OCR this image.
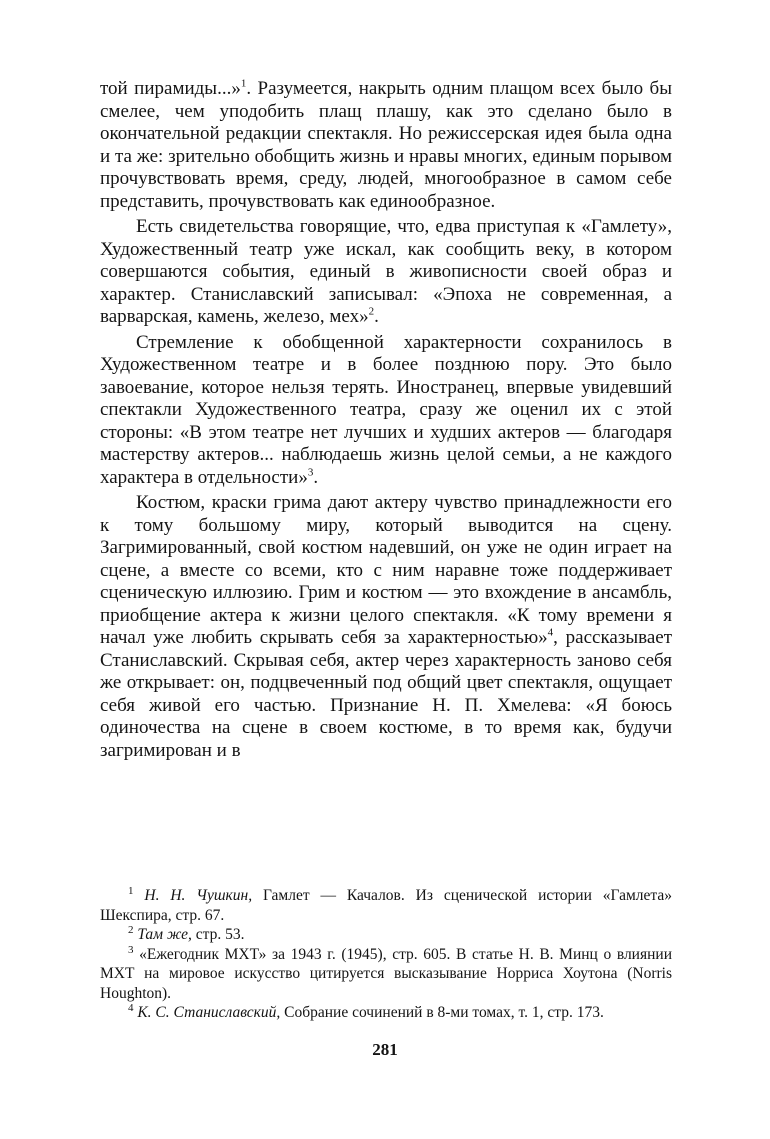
той пирамиды...»$^1$. Разумеется, накрыть одним плащом всех было бы смелее, чем уподобить плащ плашу, как это сделано было в окончательной редакции спектакля. Но режиссерская идея была одна и та же: зрительно обобщить жизнь и нравы многих, единым порывом прочувствовать время, среду, людей, многообразное в самом себе представить, прочувствовать как единообразное.

Есть свидетельства говорящие, что, едва приступая к «Гамлету», Художественный театр уже искал, как сообщить веку, в котором совершаются события, единый в живописности своей образ и характер. Станиславский записывал: «Эпоха не современная, а варварская, камень, железо, мех»$^2$.

Стремление к обобщенной характерности сохранилось в Художественном театре и в более позднюю пору. Это было завоевание, которое нельзя терять. Иностранец, впервые увидевший спектакли Художественного театра, сразу же оценил их с этой стороны: «В этом театре нет лучших и худших актеров — благодаря мастерству актеров... наблюдаешь жизнь целой семьи, а не каждого характера в отдельности»$^3$.

Костюм, краски грима дают актеру чувство принадлежности его к тому большому миру, который выводится на сцену. Загримированный, свой костюм надевший, он уже не один играет на сцене, а вместе со всеми, кто с ним наравне тоже поддерживает сценическую иллюзию. Грим и костюм — это вхождение в ансамбль, приобщение актера к жизни целого спектакля. «К тому времени я начал уже любить скрывать себя за характерностью»$^4$, рассказывает Станиславский. Скрывая себя, актер через характерность заново себя же открывает: он, подцвеченный под общий цвет спектакля, ощущает себя живой его частью. Признание Н. П. Хмелева: «Я боюсь одиночества на сцене в своем костюме, в то время как, будучи загримирован и в

$^1$ Н. Н. Чушкин, Гамлет — Качалов. Из сценической истории «Гамлета» Шекспира, стр. 67.

$^2$ Там же, стр. 53.

$^3$ «Ежегодник МХТ» за 1943 г. (1945), стр. 605. В статье Н. В. Минц о влиянии МХТ на мировое искусство цитируется высказывание Норриса Хоутона (Norris Houghton).

$^4$ К. С. Станиславский, Собрание сочинений в 8-ми томах, т. 1, стр. 173.

281
